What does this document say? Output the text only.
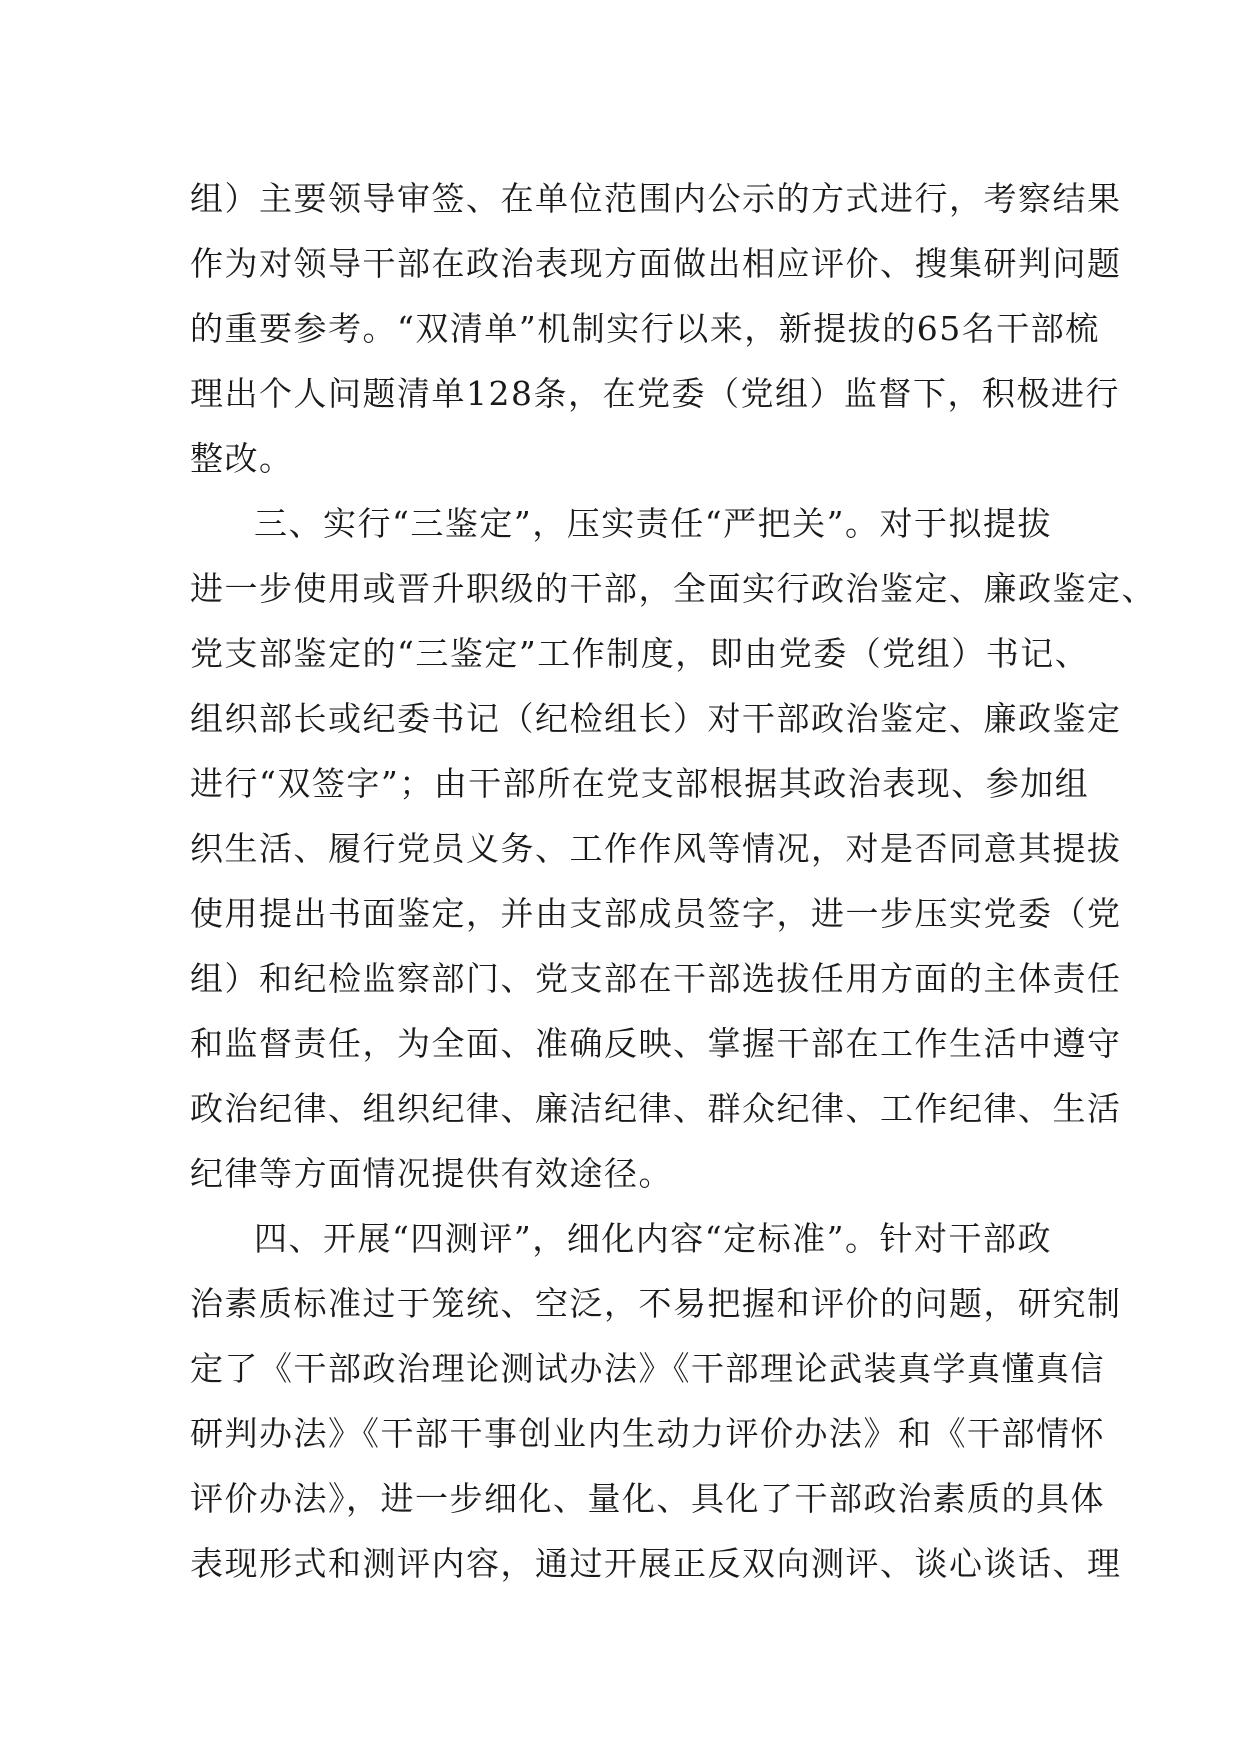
组）主要领导审签、在单位范围内公示的方式进行，考察结果
作为对领导干部在政治表现方面做出相应评价、搜集研判问题
的重要参考。“双清单”机制实行以来，新提拔的65名干部梳
理出个人问题清单128条，在党委（党组）监督下，积极进行
整改。
三、实行“三鉴定”，压实责任“严把关”。对于拟提拔
进一步使用或晋升职级的干部，全面实行政治鉴定、廉政鉴定、
党支部鉴定的“三鉴定”工作制度，即由党委（党组）书记、
组织部长或纪委书记（纪检组长）对干部政治鉴定、廉政鉴定
进行“双签字”；由干部所在党支部根据其政治表现、参加组
织生活、履行党员义务、工作作风等情况，对是否同意其提拔
使用提出书面鉴定，并由支部成员签字，进一步压实党委（党
组）和纪检监察部门、党支部在干部选拔任用方面的主体责任
和监督责任，为全面、准确反映、掌握干部在工作生活中遵守
政治纪律、组织纪律、廉洁纪律、群众纪律、工作纪律、生活
纪律等方面情况提供有效途径。
四、开展“四测评”，细化内容“定标准”。针对干部政
治素质标准过于笼统、空泛，不易把握和评价的问题，研究制
定了《干部政治理论测试办法》《干部理论武装真学真懂真信
研判办法》《干部干事创业内生动力评价办法》和《干部情怀
评价办法》，进一步细化、量化、具化了干部政治素质的具体
表现形式和测评内容，通过开展正反双向测评、谈心谈话、理
